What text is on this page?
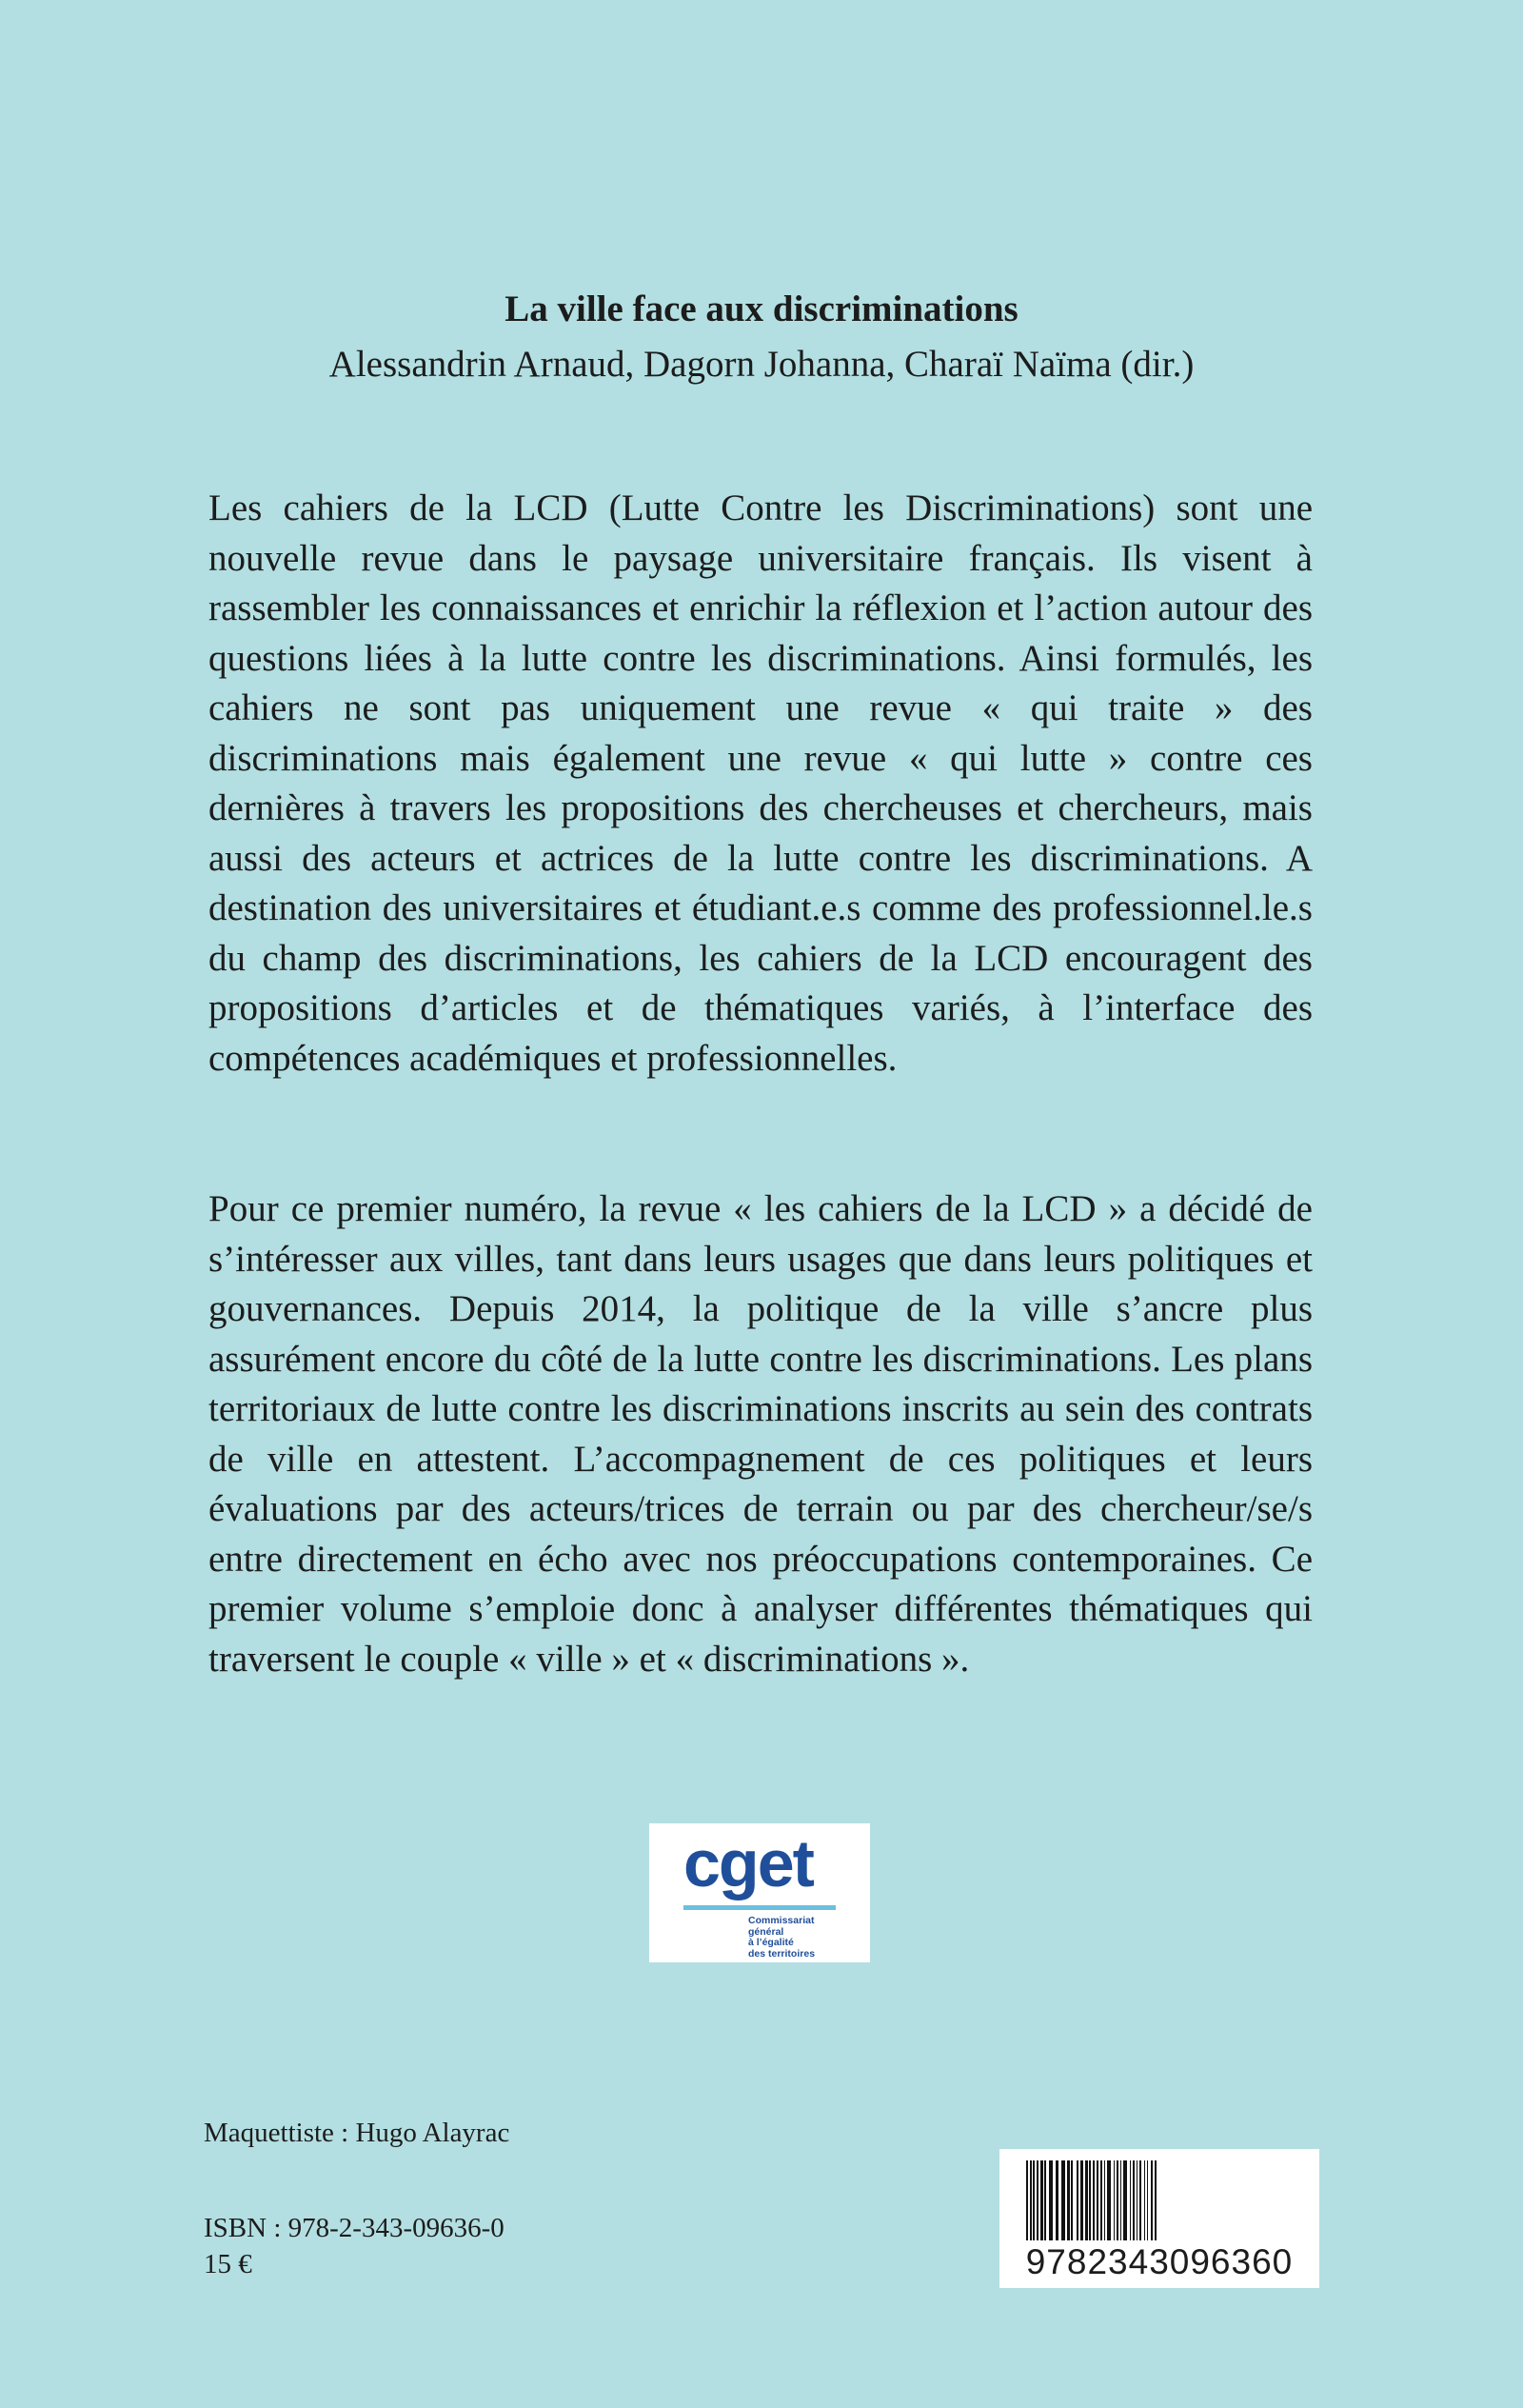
La ville face aux discriminations

Alessandrin Arnaud, Dagorn Johanna, Charaï Naïma (dir.)

Les cahiers de la LCD (Lutte Contre les Discriminations) sont une nouvelle revue dans le paysage universitaire français. Ils visent à rassembler les connaissances et enrichir la réflexion et l’action autour des questions liées à la lutte contre les discriminations. Ainsi formulés, les cahiers ne sont pas uniquement une revue « qui traite » des discriminations mais également une revue « qui lutte » contre ces dernières à travers les propositions des chercheuses et chercheurs, mais aussi des acteurs et actrices de la lutte contre les discriminations. A destination des universitaires et étudiant.e.s comme des professionnel.le.s du champ des discriminations, les cahiers de la LCD encouragent des propositions d’articles et de thématiques variés, à l’interface des compétences académiques et professionnelles.

Pour ce premier numéro, la revue « les cahiers de la LCD » a décidé de s’intéresser aux villes, tant dans leurs usages que dans leurs politiques et gouvernances. Depuis 2014, la politique de la ville s’ancre plus assurément encore du côté de la lutte contre les discriminations. Les plans territoriaux de lutte contre les discriminations inscrits au sein des contrats de ville en attestent. L’accompagnement de ces politiques et leurs évaluations par des acteurs/trices de terrain ou par des chercheur/se/s entre directement en écho avec nos préoccupations contemporaines. Ce premier volume s’emploie donc à analyser différentes thématiques qui traversent le couple « ville » et « discriminations ».

cget
Commissariat
général
à l’égalité
des territoires
Maquettiste : Hugo Alayrac
ISBN : 978-2-343-09636-0
15 €	9782343096360
